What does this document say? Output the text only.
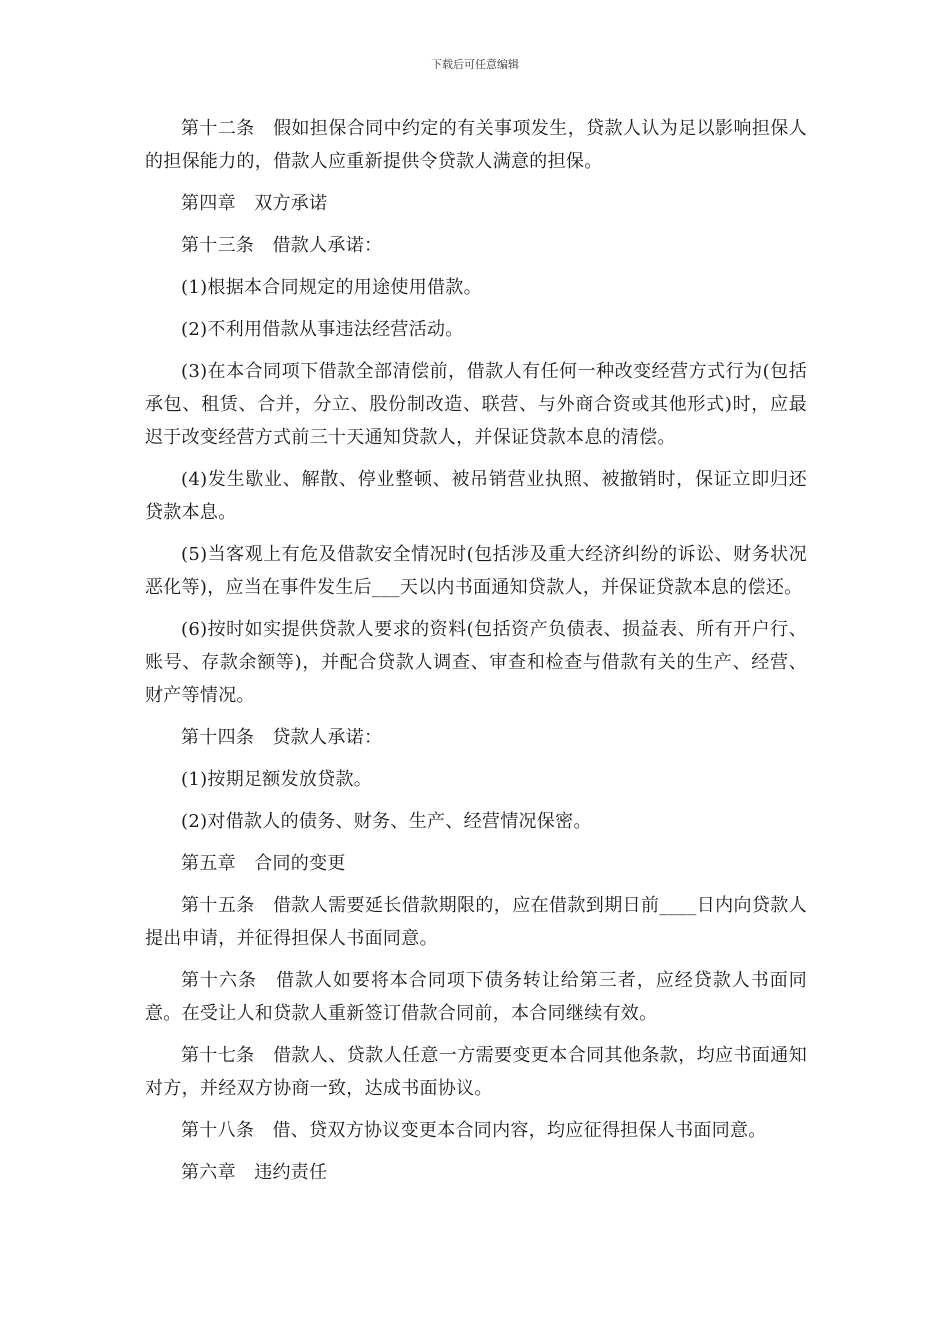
下载后可任意编辑

第十二条　假如担保合同中约定的有关事项发生，贷款人认为足以影响担保人的担保能力的，借款人应重新提供令贷款人满意的担保。

第四章　双方承诺

第十三条　借款人承诺：

(1)根据本合同规定的用途使用借款。

(2)不利用借款从事违法经营活动。

(3)在本合同项下借款全部清偿前，借款人有任何一种改变经营方式行为(包括承包、租赁、合并，分立、股份制改造、联营、与外商合资或其他形式)时，应最迟于改变经营方式前三十天通知贷款人，并保证贷款本息的清偿。

(4)发生歇业、解散、停业整顿、被吊销营业执照、被撤销时，保证立即归还贷款本息。

(5)当客观上有危及借款安全情况时(包括涉及重大经济纠纷的诉讼、财务状况恶化等)，应当在事件发生后___天以内书面通知贷款人，并保证贷款本息的偿还。

(6)按时如实提供贷款人要求的资料(包括资产负债表、损益表、所有开户行、账号、存款余额等)，并配合贷款人调查、审查和检查与借款有关的生产、经营、财产等情况。

第十四条　贷款人承诺：

(1)按期足额发放贷款。

(2)对借款人的债务、财务、生产、经营情况保密。

第五章　合同的变更

第十五条　借款人需要延长借款期限的，应在借款到期日前____日内向贷款人提出申请，并征得担保人书面同意。

第十六条　借款人如要将本合同项下债务转让给第三者，应经贷款人书面同意。在受让人和贷款人重新签订借款合同前，本合同继续有效。

第十七条　借款人、贷款人任意一方需要变更本合同其他条款，均应书面通知对方，并经双方协商一致，达成书面协议。

第十八条　借、贷双方协议变更本合同内容，均应征得担保人书面同意。

第六章　违约责任
